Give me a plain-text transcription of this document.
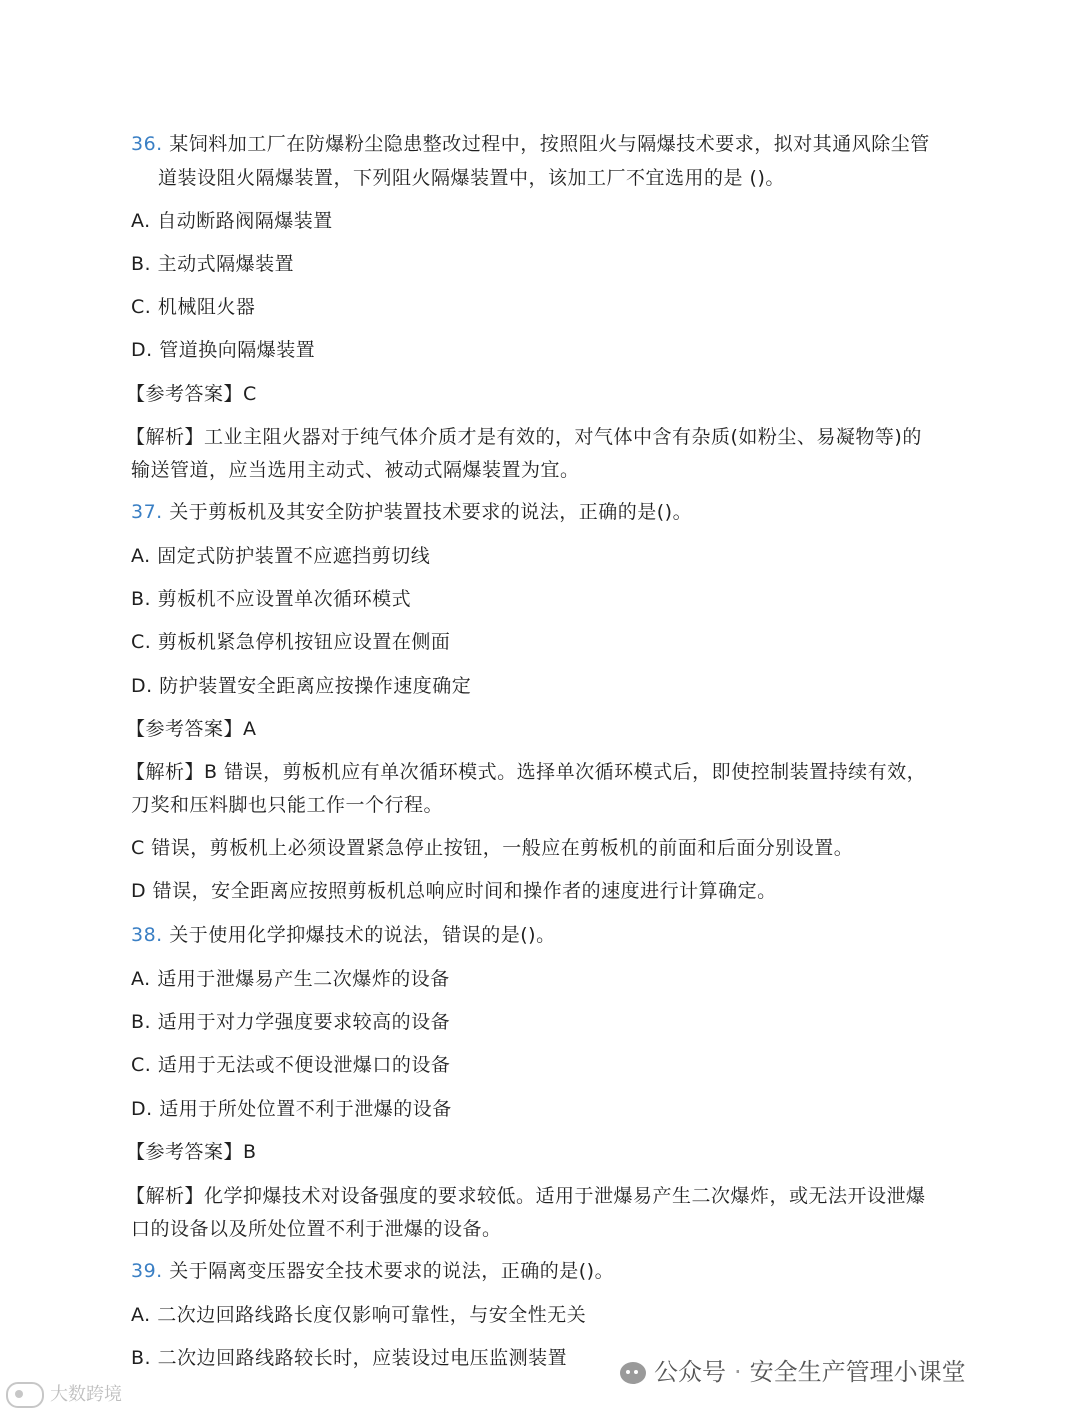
36. 某饲料加工厂在防爆粉尘隐患整改过程中，按照阻火与隔爆技术要求，拟对其通风除尘管
道装设阻火隔爆装置，下列阻火隔爆装置中，该加工厂不宜选用的是 ()。
A. 自动断路阀隔爆装置
B. 主动式隔爆装置
C. 机械阻火器
D. 管道换向隔爆装置
【参考答案】C
【解析】工业主阻火器对于纯气体介质才是有效的，对气体中含有杂质(如粉尘、易凝物等)的
输送管道，应当选用主动式、被动式隔爆装置为宜。
37. 关于剪板机及其安全防护装置技术要求的说法，正确的是()。
A. 固定式防护装置不应遮挡剪切线
B. 剪板机不应设置单次循环模式
C. 剪板机紧急停机按钮应设置在侧面
D. 防护装置安全距离应按操作速度确定
【参考答案】A
【解析】B 错误，剪板机应有单次循环模式。选择单次循环模式后，即使控制装置持续有效，
刀奖和压料脚也只能工作一个行程。
C 错误，剪板机上必须设置紧急停止按钮，一般应在剪板机的前面和后面分别设置。
D 错误，安全距离应按照剪板机总响应时间和操作者的速度进行计算确定。
38. 关于使用化学抑爆技术的说法，错误的是()。
A. 适用于泄爆易产生二次爆炸的设备
B. 适用于对力学强度要求较高的设备
C. 适用于无法或不便设泄爆口的设备
D. 适用于所处位置不利于泄爆的设备
【参考答案】B
【解析】化学抑爆技术对设备强度的要求较低。适用于泄爆易产生二次爆炸，或无法开设泄爆
口的设备以及所处位置不利于泄爆的设备。
39. 关于隔离变压器安全技术要求的说法，正确的是()。
A. 二次边回路线路长度仅影响可靠性，与安全性无关
B. 二次边回路线路较长时，应装设过电压监测装置
大数跨境
公众号 · 安全生产管理小课堂
